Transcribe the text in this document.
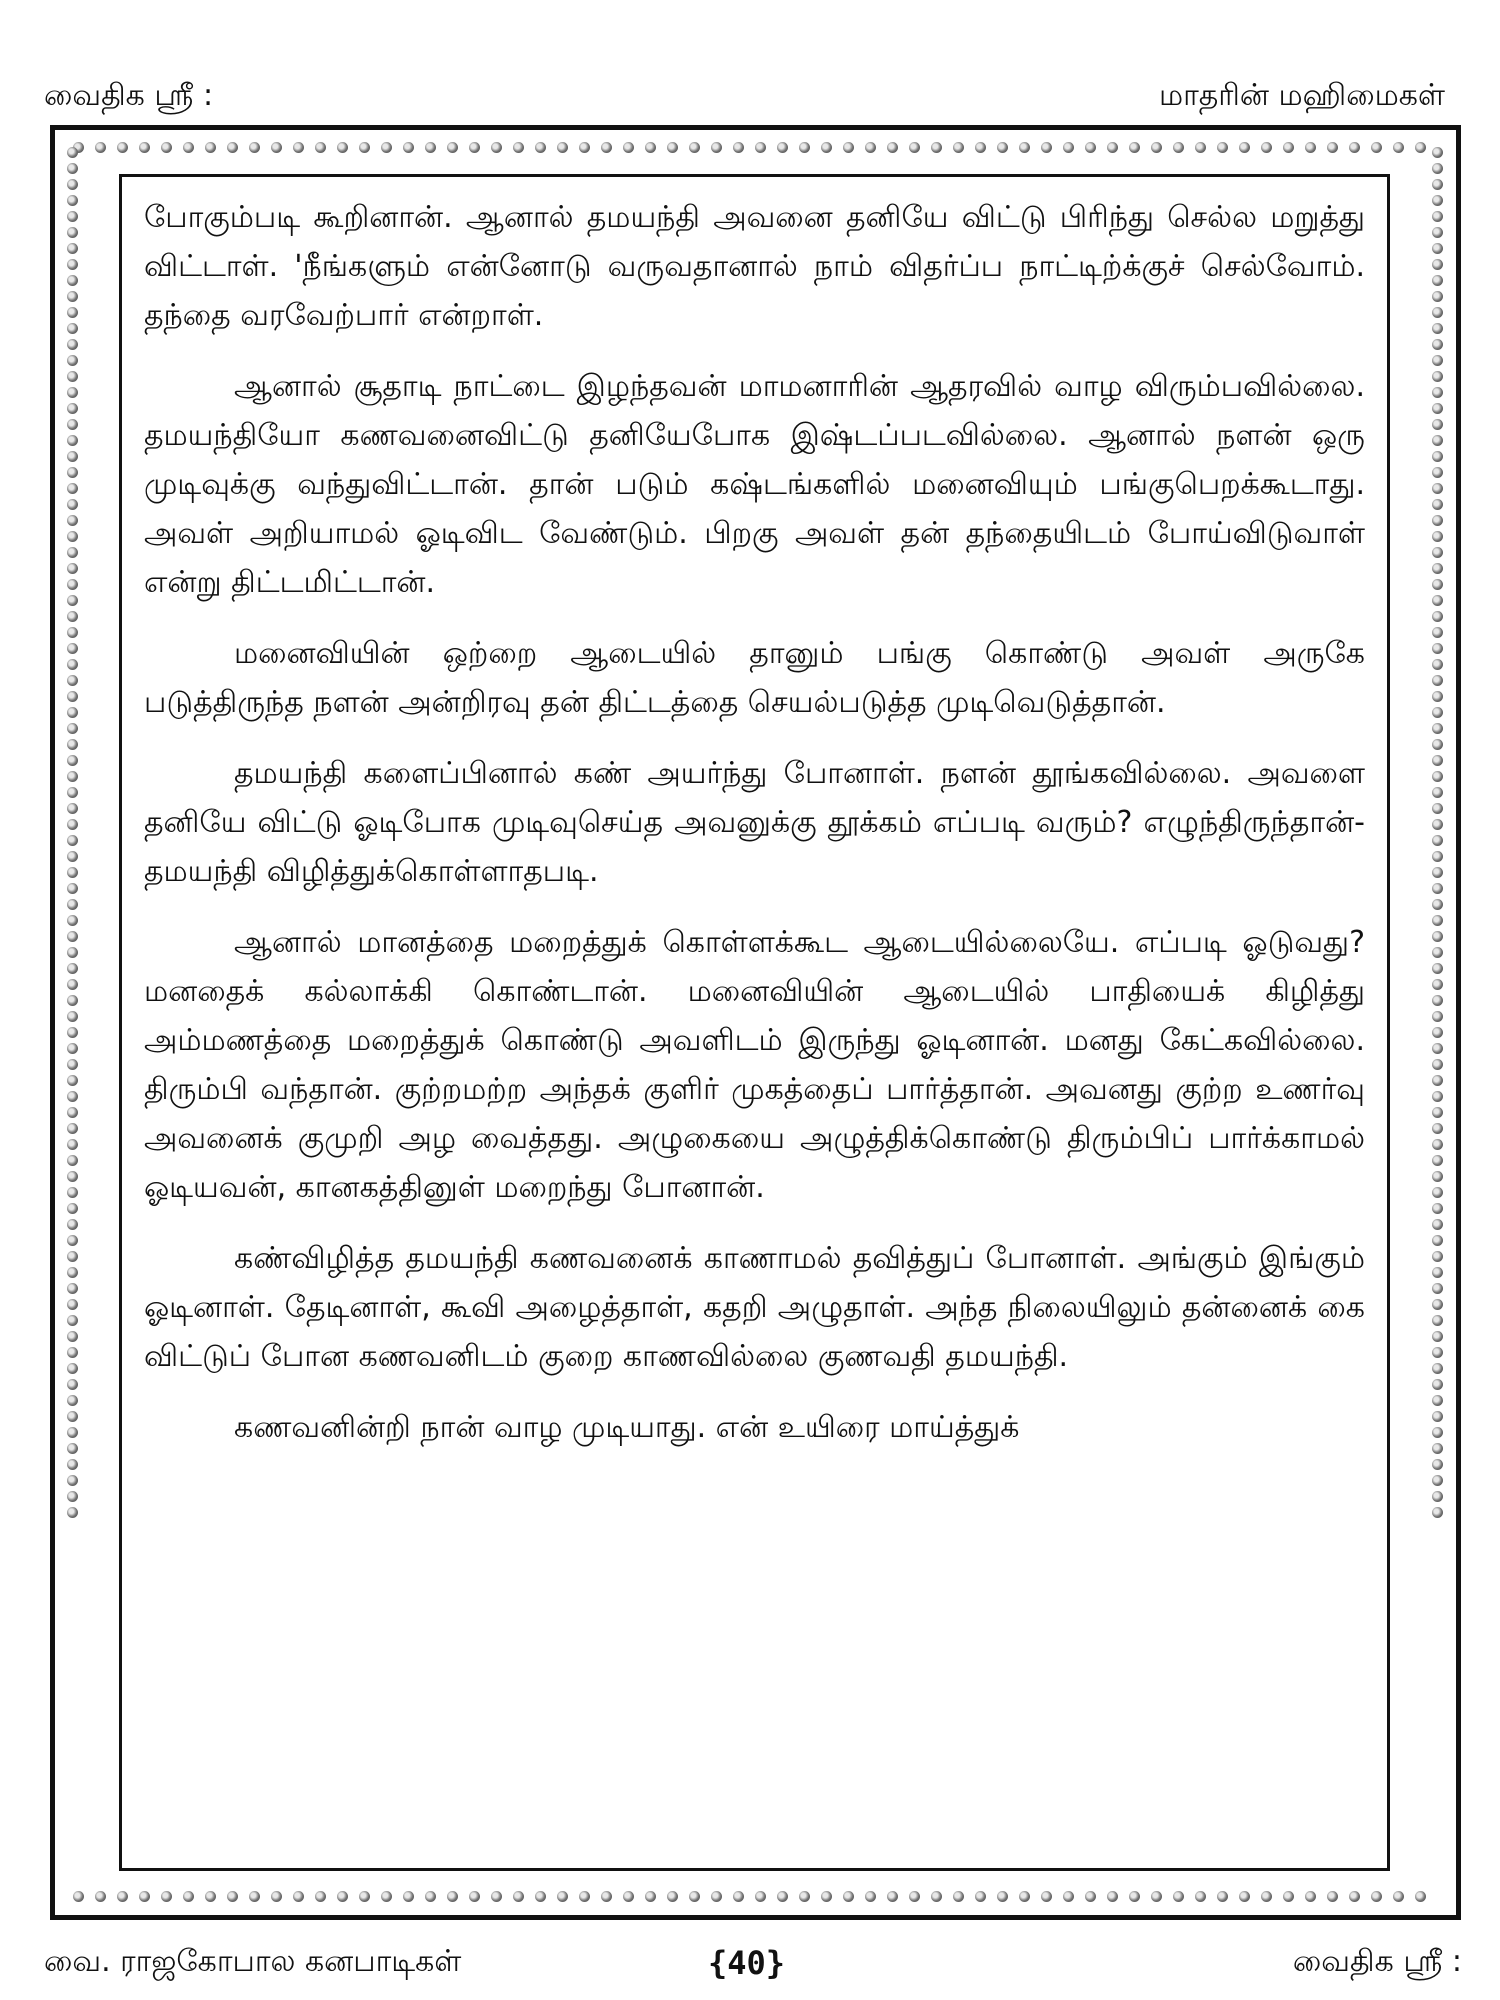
வைதிக ஸ்ரீ :	மாதரின் மஹிமைகள்

போகும்படி கூறினான். ஆனால் தமயந்தி அவனை தனியே விட்டு பிரிந்து செல்ல மறுத்து விட்டாள். 'நீங்களும் என்னோடு வருவதானால் நாம் விதர்ப்ப நாட்டிற்க்குச் செல்வோம். தந்தை வரவேற்பார் என்றாள்.

ஆனால் சூதாடி நாட்டை இழந்தவன் மாமனாரின் ஆதரவில் வாழ விரும்பவில்லை. தமயந்தியோ கணவனைவிட்டு தனியேபோக இஷ்டப்படவில்லை. ஆனால் நளன் ஒரு முடிவுக்கு வந்துவிட்டான். தான் படும் கஷ்டங்களில் மனைவியும் பங்குபெறக்கூடாது. அவள் அறியாமல் ஓடிவிட வேண்டும். பிறகு அவள் தன் தந்தையிடம் போய்விடுவாள் என்று திட்டமிட்டான்.

மனைவியின் ஒற்றை ஆடையில் தானும் பங்கு கொண்டு அவள் அருகே படுத்திருந்த நளன் அன்றிரவு தன் திட்டத்தை செயல்படுத்த முடிவெடுத்தான்.

தமயந்தி களைப்பினால் கண் அயர்ந்து போனாள். நளன் தூங்கவில்லை. அவளை தனியே விட்டு ஓடிபோக முடிவுசெய்த அவனுக்கு தூக்கம் எப்படி வரும்? எழுந்திருந்தான்- தமயந்தி விழித்துக்கொள்ளாதபடி.

ஆனால் மானத்தை மறைத்துக் கொள்ளக்கூட ஆடையில்லையே. எப்படி ஓடுவது? மனதைக் கல்லாக்கி கொண்டான். மனைவியின் ஆடையில் பாதியைக் கிழித்து அம்மணத்தை மறைத்துக் கொண்டு அவளிடம் இருந்து ஓடினான். மனது கேட்கவில்லை. திரும்பி வந்தான். குற்றமற்ற அந்தக் குளிர் முகத்தைப் பார்த்தான். அவனது குற்ற உணர்வு அவனைக் குமுறி அழ வைத்தது. அழுகையை அழுத்திக்கொண்டு திரும்பிப் பார்க்காமல் ஓடியவன், கானகத்தினுள் மறைந்து போனான்.

கண்விழித்த தமயந்தி கணவனைக் காணாமல் தவித்துப் போனாள். அங்கும் இங்கும் ஓடினாள். தேடினாள், கூவி அழைத்தாள், கதறி அழுதாள். அந்த நிலையிலும் தன்னைக் கை விட்டுப் போன கணவனிடம் குறை காணவில்லை குணவதி தமயந்தி.

கணவனின்றி நான் வாழ முடியாது. என் உயிரை மாய்த்துக்

வை. ராஜகோபால கனபாடிகள்	{40}	வைதிக ஸ்ரீ :
